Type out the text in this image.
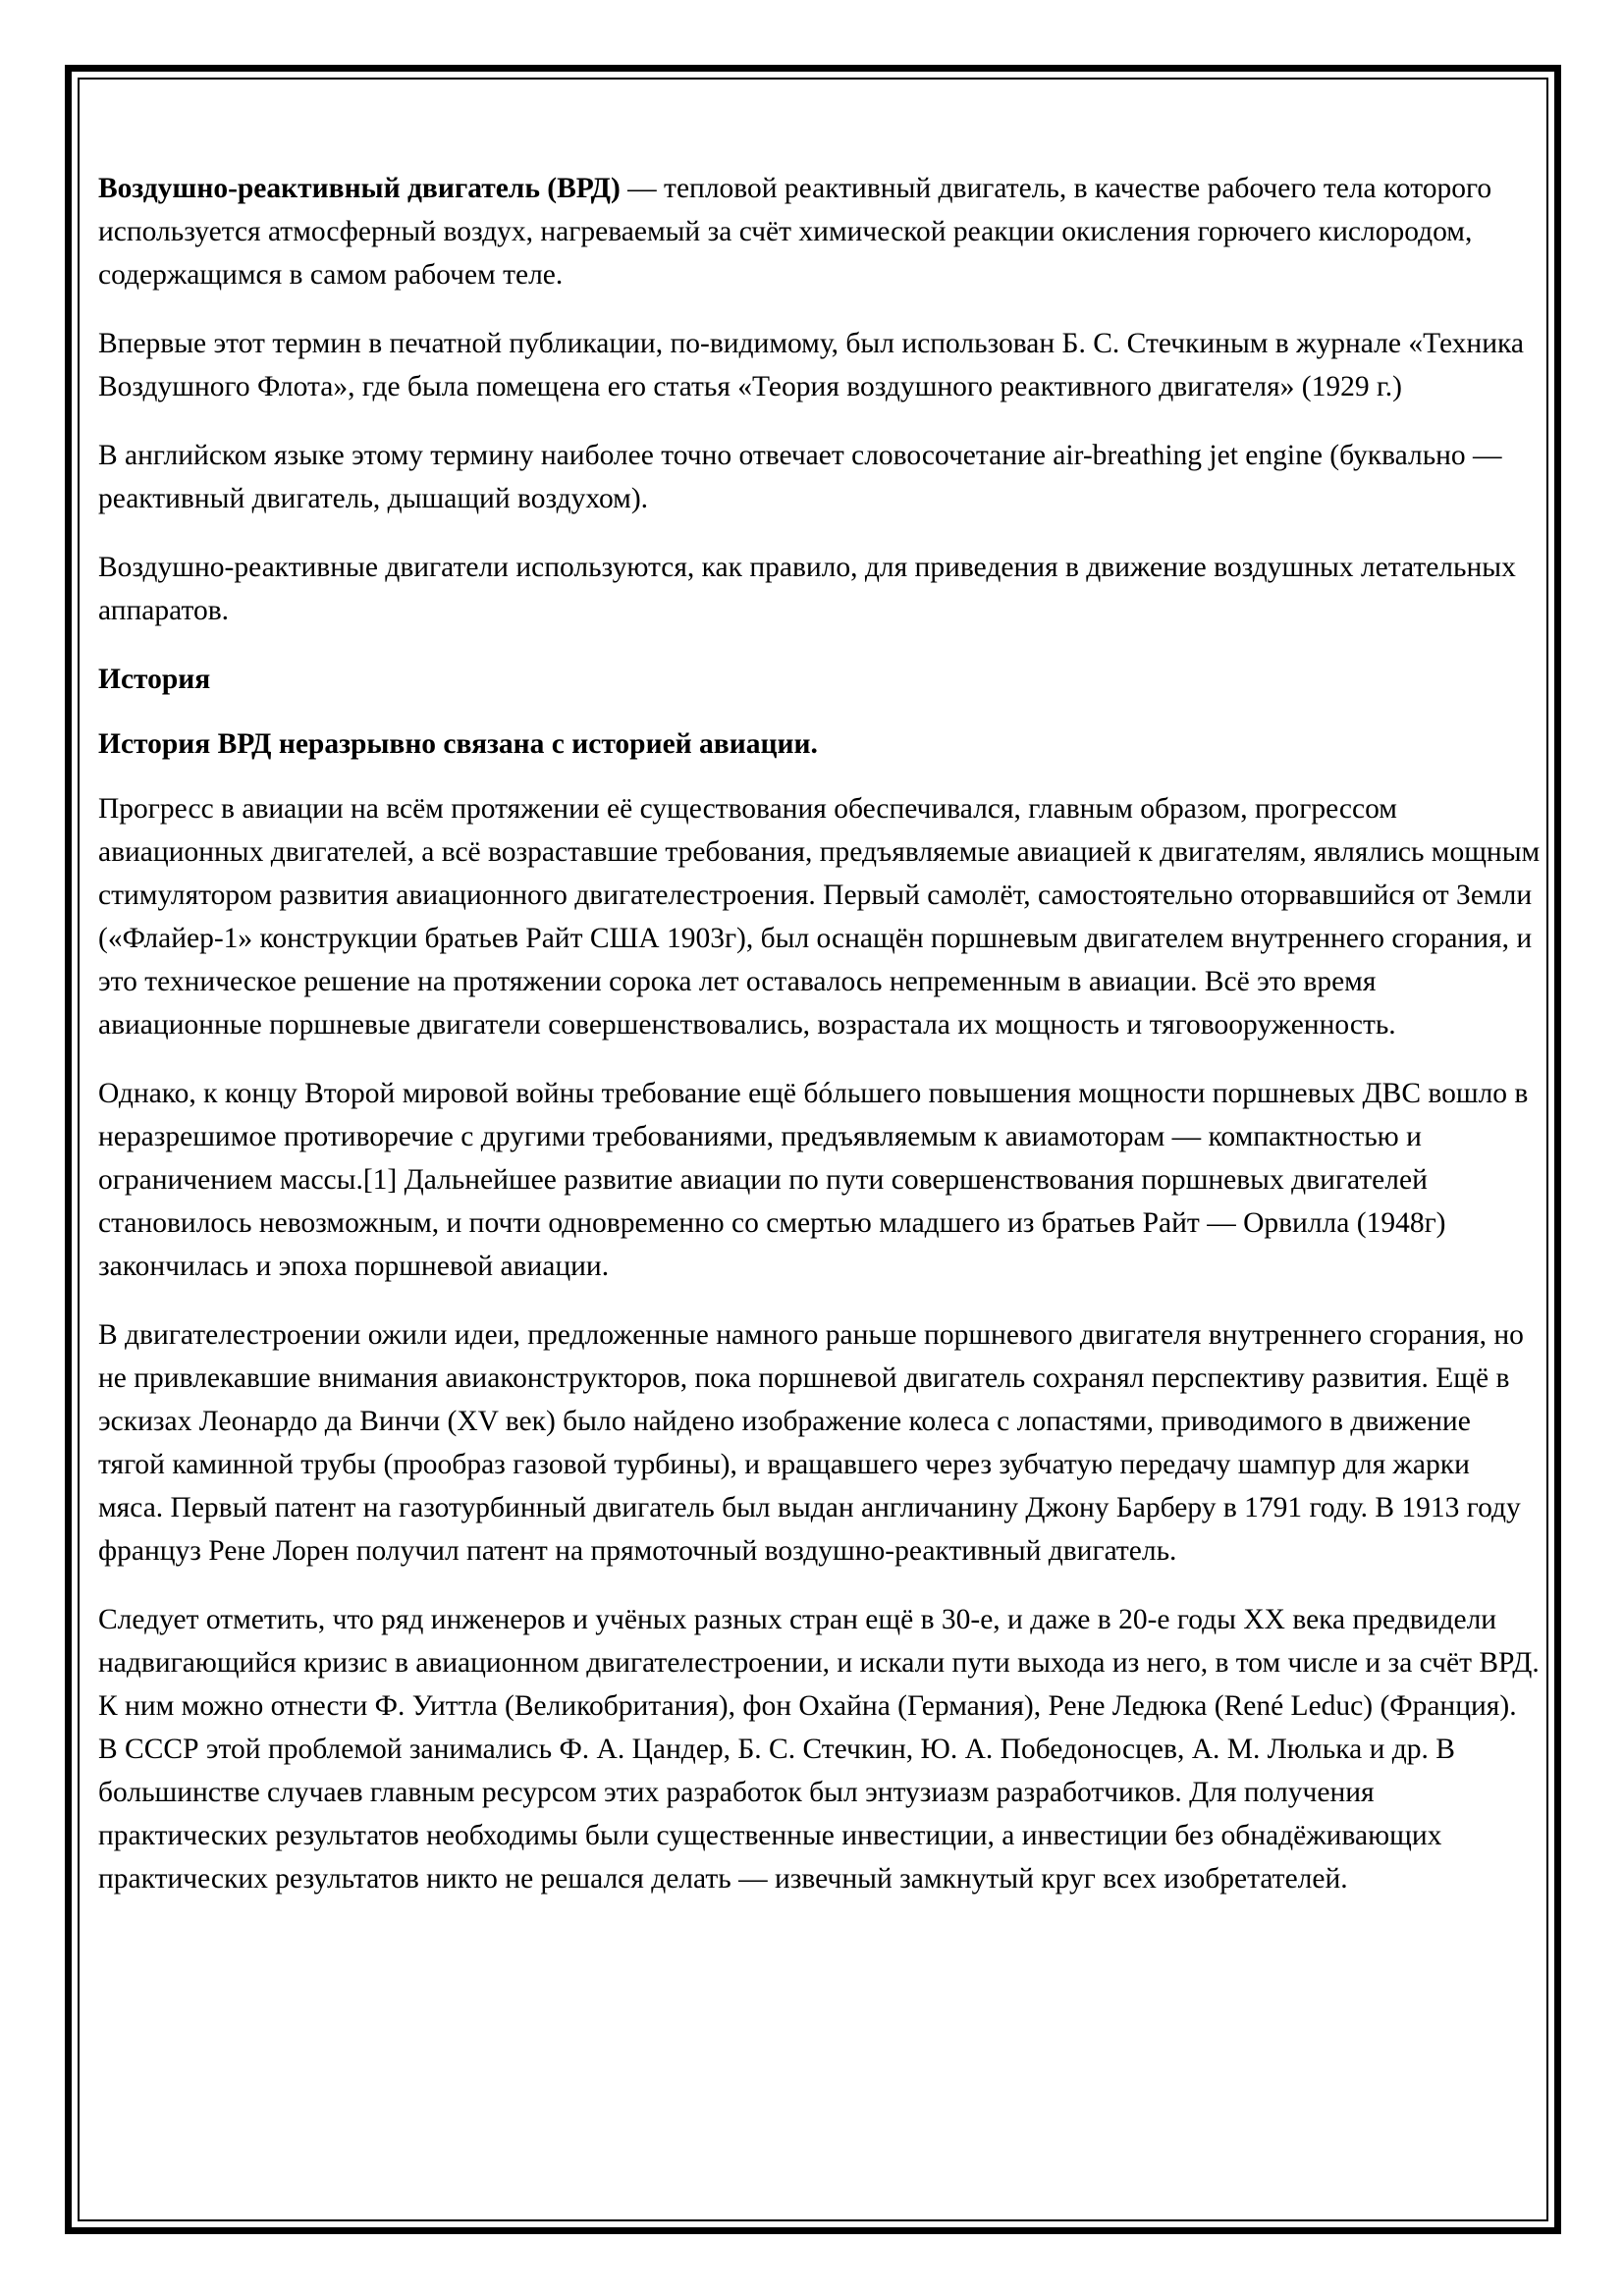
Воздушно-реактивный двигатель (ВРД) — тепловой реактивный двигатель, в качестве рабочего тела которого используется атмосферный воздух, нагреваемый за счёт химической реакции окисления горючего кислородом, содержащимся в самом рабочем теле.

Впервые этот термин в печатной публикации, по-видимому, был использован Б. С. Стечкиным в журнале «Техника Воздушного Флота», где была помещена его статья «Теория воздушного реактивного двигателя» (1929 г.)

В английском языке этому термину наиболее точно отвечает словосочетание air-breathing jet engine (буквально — реактивный двигатель, дышащий воздухом).

Воздушно-реактивные двигатели используются, как правило, для приведения в движение воздушных летательных аппаратов.

История

История ВРД неразрывно связана с историей авиации.

Прогресс в авиации на всём протяжении её существования обеспечивался, главным образом, прогрессом авиационных двигателей, а всё возраставшие требования, предъявляемые авиацией к двигателям, являлись мощным стимулятором развития авиационного двигателестроения. Первый самолёт, самостоятельно оторвавшийся от Земли («Флайер-1» конструкции братьев Райт США 1903г), был оснащён поршневым двигателем внутреннего сгорания, и это техническое решение на протяжении сорока лет оставалось непременным в авиации. Всё это время авиационные поршневые двигатели совершенствовались, возрастала их мощность и тяговооруженность.

Однако, к концу Второй мировой войны требование ещё бóльшего повышения мощности поршневых ДВС вошло в неразрешимое противоречие с другими требованиями, предъявляемым к авиамоторам — компактностью и ограничением массы.[1] Дальнейшее развитие авиации по пути совершенствования поршневых двигателей становилось невозможным, и почти одновременно со смертью младшего из братьев Райт — Орвилла (1948г) закончилась и эпоха поршневой авиации.

В двигателестроении ожили идеи, предложенные намного раньше поршневого двигателя внутреннего сгорания, но не привлекавшие внимания авиаконструкторов, пока поршневой двигатель сохранял перспективу развития. Ещё в эскизах Леонардо да Винчи (XV век) было найдено изображение колеса с лопастями, приводимого в движение тягой каминной трубы (прообраз газовой турбины), и вращавшего через зубчатую передачу шампур для жарки мяса. Первый патент на газотурбинный двигатель был выдан англичанину Джону Барберу в 1791 году. В 1913 году француз Рене Лорен получил патент на прямоточный воздушно-реактивный двигатель.

Следует отметить, что ряд инженеров и учёных разных стран ещё в 30-е, и даже в 20-е годы XX века предвидели надвигающийся кризис в авиационном двигателестроении, и искали пути выхода из него, в том числе и за счёт ВРД. К ним можно отнести Ф. Уиттла (Великобритания), фон Охайна (Германия), Рене Ледюка (René Leduc) (Франция). В СССР этой проблемой занимались Ф. А. Цандер, Б. С. Стечкин, Ю. А. Победоносцев, А. М. Люлька и др. В большинстве случаев главным ресурсом этих разработок был энтузиазм разработчиков. Для получения практических результатов необходимы были существенные инвестиции, а инвестиции без обнадёживающих практических результатов никто не решался делать — извечный замкнутый круг всех изобретателей.
